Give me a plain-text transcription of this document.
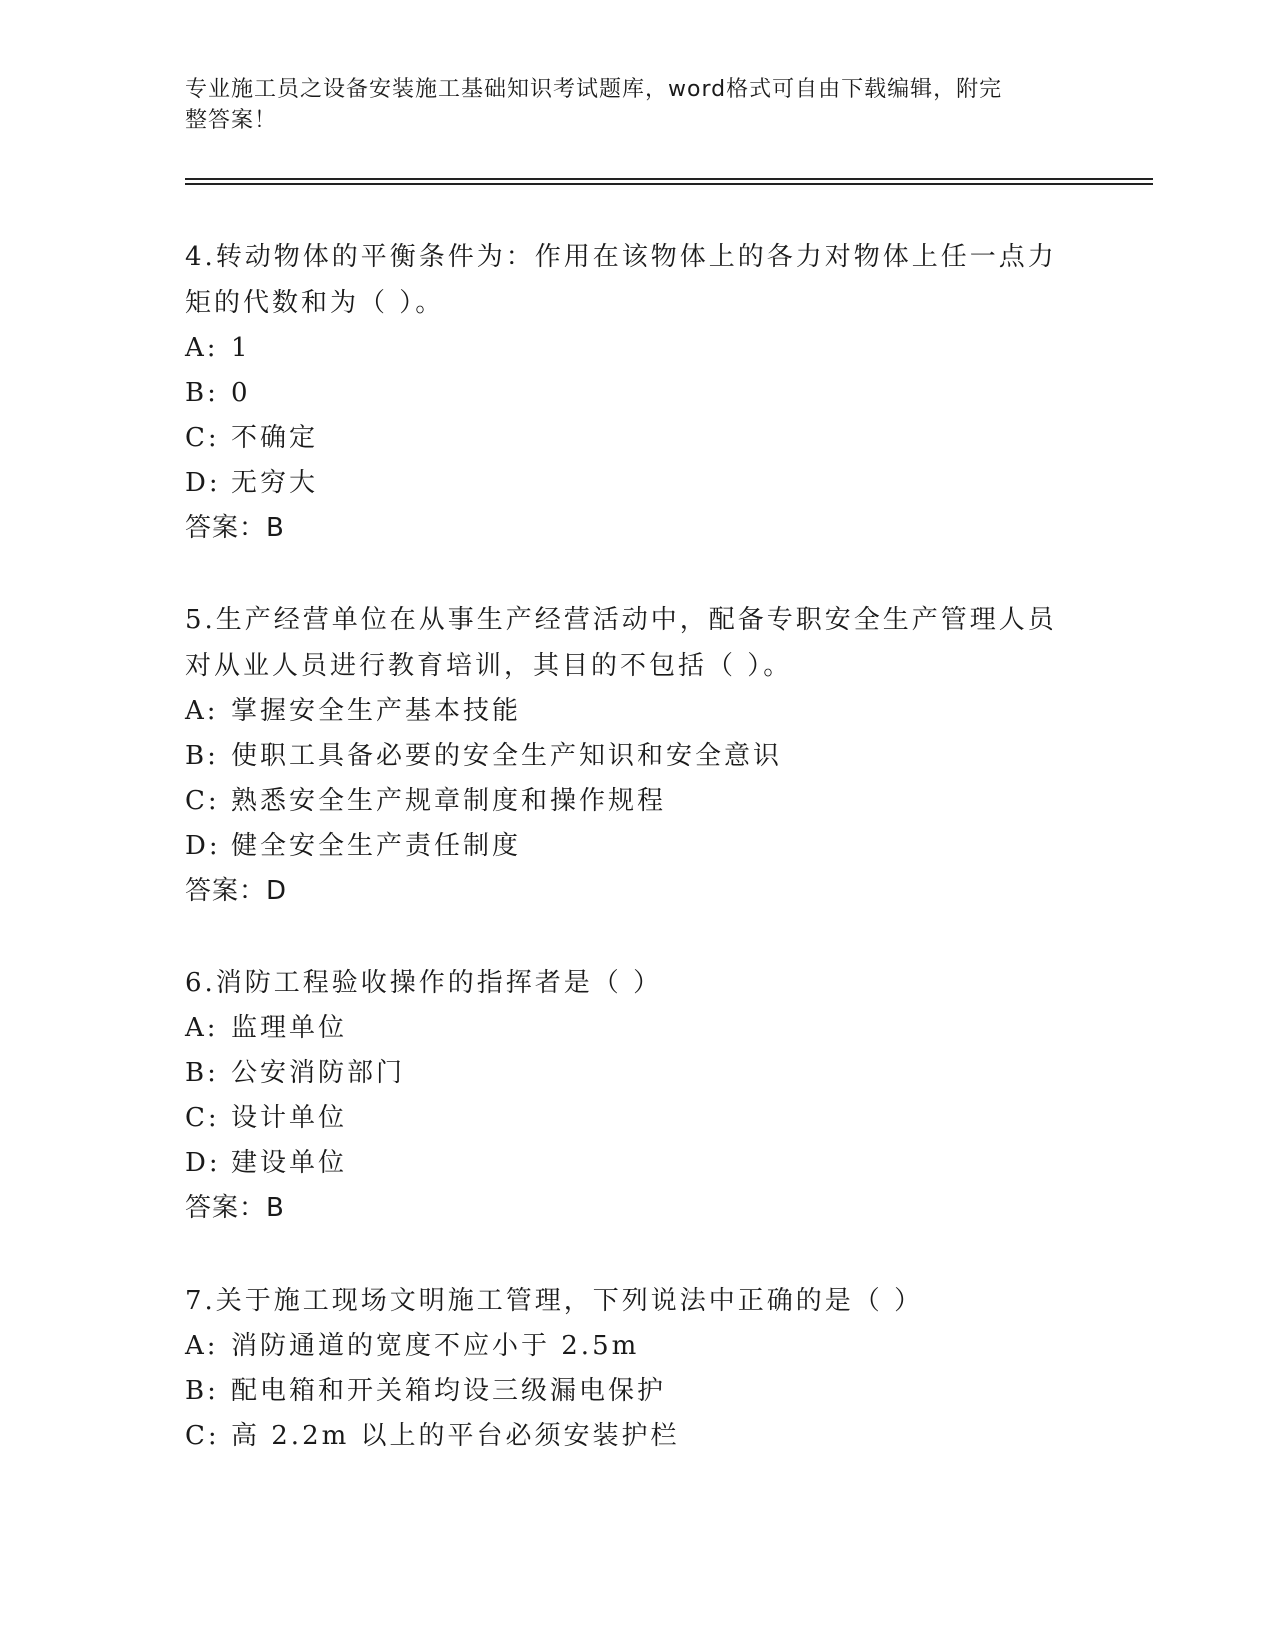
专业施工员之设备安装施工基础知识考试题库，word格式可自由下载编辑，附完
整答案！

4.转动物体的平衡条件为：作用在该物体上的各力对物体上任一点力

矩的代数和为（ ）。

A: 1

B: 0

C: 不确定

D: 无穷大

答案：B

5.生产经营单位在从事生产经营活动中，配备专职安全生产管理人员

对从业人员进行教育培训，其目的不包括（ ）。

A: 掌握安全生产基本技能

B: 使职工具备必要的安全生产知识和安全意识

C: 熟悉安全生产规章制度和操作规程

D: 健全安全生产责任制度

答案：D

6.消防工程验收操作的指挥者是（ ）

A: 监理单位

B: 公安消防部门

C: 设计单位

D: 建设单位

答案：B

7.关于施工现场文明施工管理，下列说法中正确的是（ ）

A: 消防通道的宽度不应小于 2.5m

B: 配电箱和开关箱均设三级漏电保护

C: 高 2.2m 以上的平台必须安装护栏
